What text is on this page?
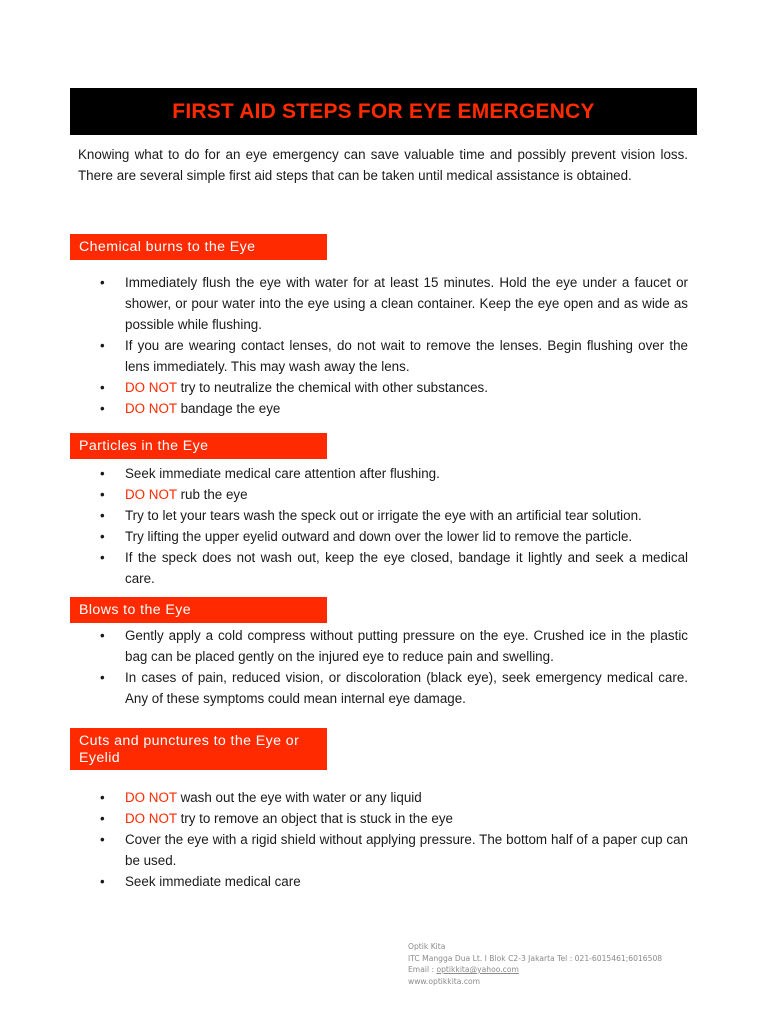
FIRST AID STEPS FOR EYE EMERGENCY

Knowing what to do for an eye emergency can save valuable time and possibly prevent vision loss. There are several simple first aid steps that can be taken until medical assistance is obtained.

Chemical burns to the Eye
• Immediately flush the eye with water for at least 15 minutes. Hold the eye under a faucet or shower, or pour water into the eye using a clean container. Keep the eye open and as wide as possible while flushing.
• If you are wearing contact lenses, do not wait to remove the lenses. Begin flushing over the lens immediately. This may wash away the lens.
• DO NOT try to neutralize the chemical with other substances.
• DO NOT bandage the eye
Particles in the Eye
• Seek immediate medical care attention after flushing.
• DO NOT rub the eye
• Try to let your tears wash the speck out or irrigate the eye with an artificial tear solution.
• Try lifting the upper eyelid outward and down over the lower lid to remove the particle.
• If the speck does not wash out, keep the eye closed, bandage it lightly and seek a medical care.
Blows to the Eye
• Gently apply a cold compress without putting pressure on the eye. Crushed ice in the plastic bag can be placed gently on the injured eye to reduce pain and swelling.
• In cases of pain, reduced vision, or discoloration (black eye), seek emergency medical care. Any of these symptoms could mean internal eye damage.
Cuts and punctures to the Eye or Eyelid
• DO NOT wash out the eye with water or any liquid
• DO NOT try to remove an object that is stuck in the eye
• Cover the eye with a rigid shield without applying pressure. The bottom half of a paper cup can be used.
• Seek immediate medical care
Optik Kita
ITC Mangga Dua Lt. I Blok C2-3 Jakarta Tel : 021-6015461;6016508
Email : optikkita@yahoo.com
www.optikkita.com
